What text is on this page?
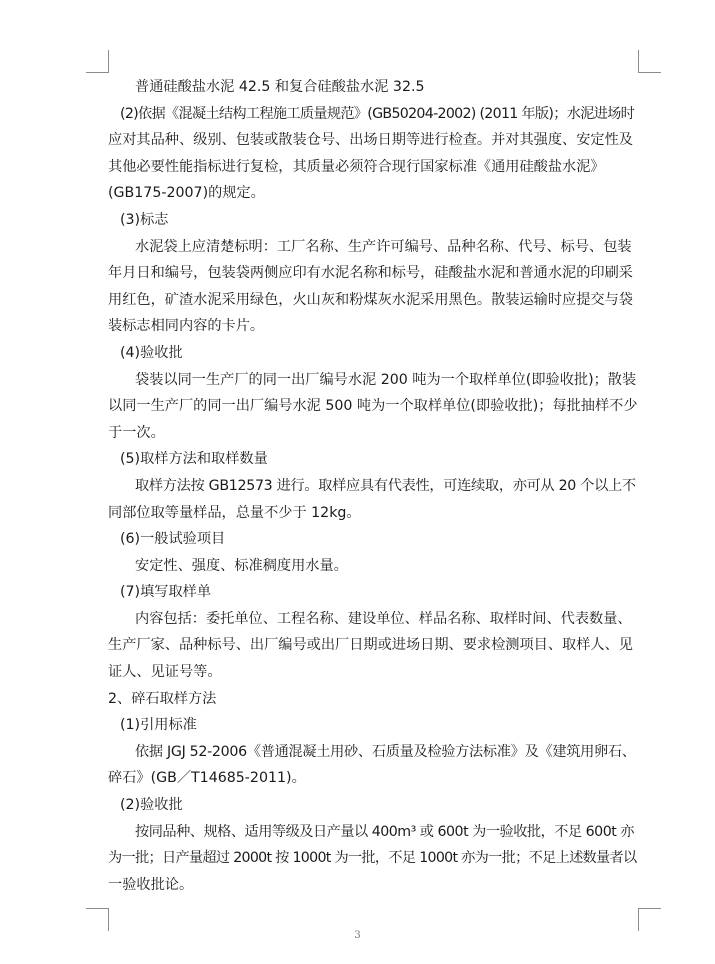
普通硅酸盐水泥 42.5 和复合硅酸盐水泥 32.5
(2)依据《混凝土结构工程施工质量规范》(GB50204-2002) (2011 年版)；水泥进场时
应对其品种、级别、包装或散装仓号、出场日期等进行检查。并对其强度、安定性及
其他必要性能指标进行复检，其质量必须符合现行国家标准《通用硅酸盐水泥》
(GB175-2007)的规定。
(3)标志
水泥袋上应清楚标明：工厂名称、生产许可编号、品种名称、代号、标号、包装
年月日和编号，包装袋两侧应印有水泥名称和标号，硅酸盐水泥和普通水泥的印刷采
用红色，矿渣水泥采用绿色，火山灰和粉煤灰水泥采用黑色。散装运输时应提交与袋
装标志相同内容的卡片。
(4)验收批
袋装以同一生产厂的同一出厂编号水泥 200 吨为一个取样单位(即验收批)；散装
以同一生产厂的同一出厂编号水泥 500 吨为一个取样单位(即验收批)；每批抽样不少
于一次。
(5)取样方法和取样数量
取样方法按 GB12573 进行。取样应具有代表性，可连续取，亦可从 20 个以上不
同部位取等量样品，总量不少于 12kg。
(6)一般试验项目
安定性、强度、标准稠度用水量。
(7)填写取样单
内容包括：委托单位、工程名称、建设单位、样品名称、取样时间、代表数量、
生产厂家、品种标号、出厂编号或出厂日期或进场日期、要求检测项目、取样人、见
证人、见证号等。
2、碎石取样方法
(1)引用标准
依据 JGJ 52-2006《普通混凝土用砂、石质量及检验方法标准》及《建筑用卵石、
碎石》(GB／T14685-2011)。
(2)验收批
按同品种、规格、适用等级及日产量以 400m³ 或 600t 为一验收批，不足 600t 亦
为一批；日产量超过 2000t 按 1000t 为一批，不足 1000t 亦为一批；不足上述数量者以
一验收批论。
3
